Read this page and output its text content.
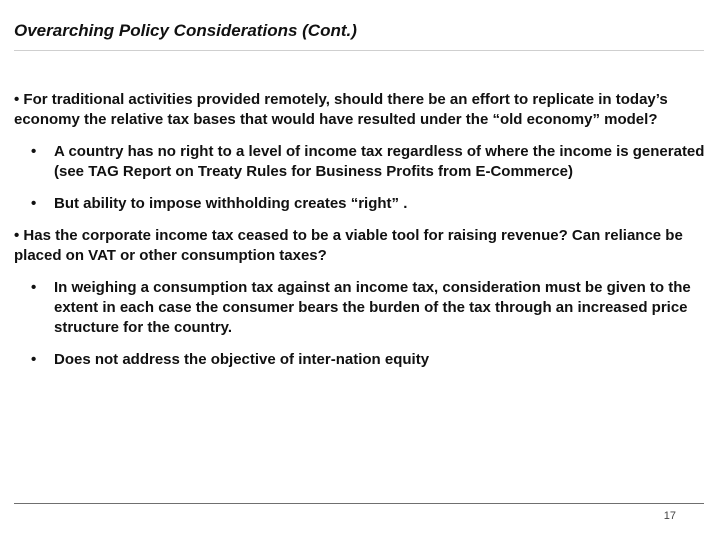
Overarching Policy Considerations (Cont.)

• For traditional activities provided remotely, should there be an effort to replicate in today’s economy the relative tax bases that would have resulted under the “old economy” model?

• A country has no right to a level of income tax regardless of where the income is generated (see TAG Report on Treaty Rules for Business Profits from E-Commerce)
• But ability to impose withholding creates “right” .

• Has the corporate income tax ceased to be a viable tool for raising revenue? Can reliance be placed on VAT or other consumption taxes?

• In weighing a consumption tax against an income tax, consideration must be given to the extent in each case the consumer bears the burden of the tax through an increased price structure for the country.
• Does not address the objective of inter-nation equity
17
